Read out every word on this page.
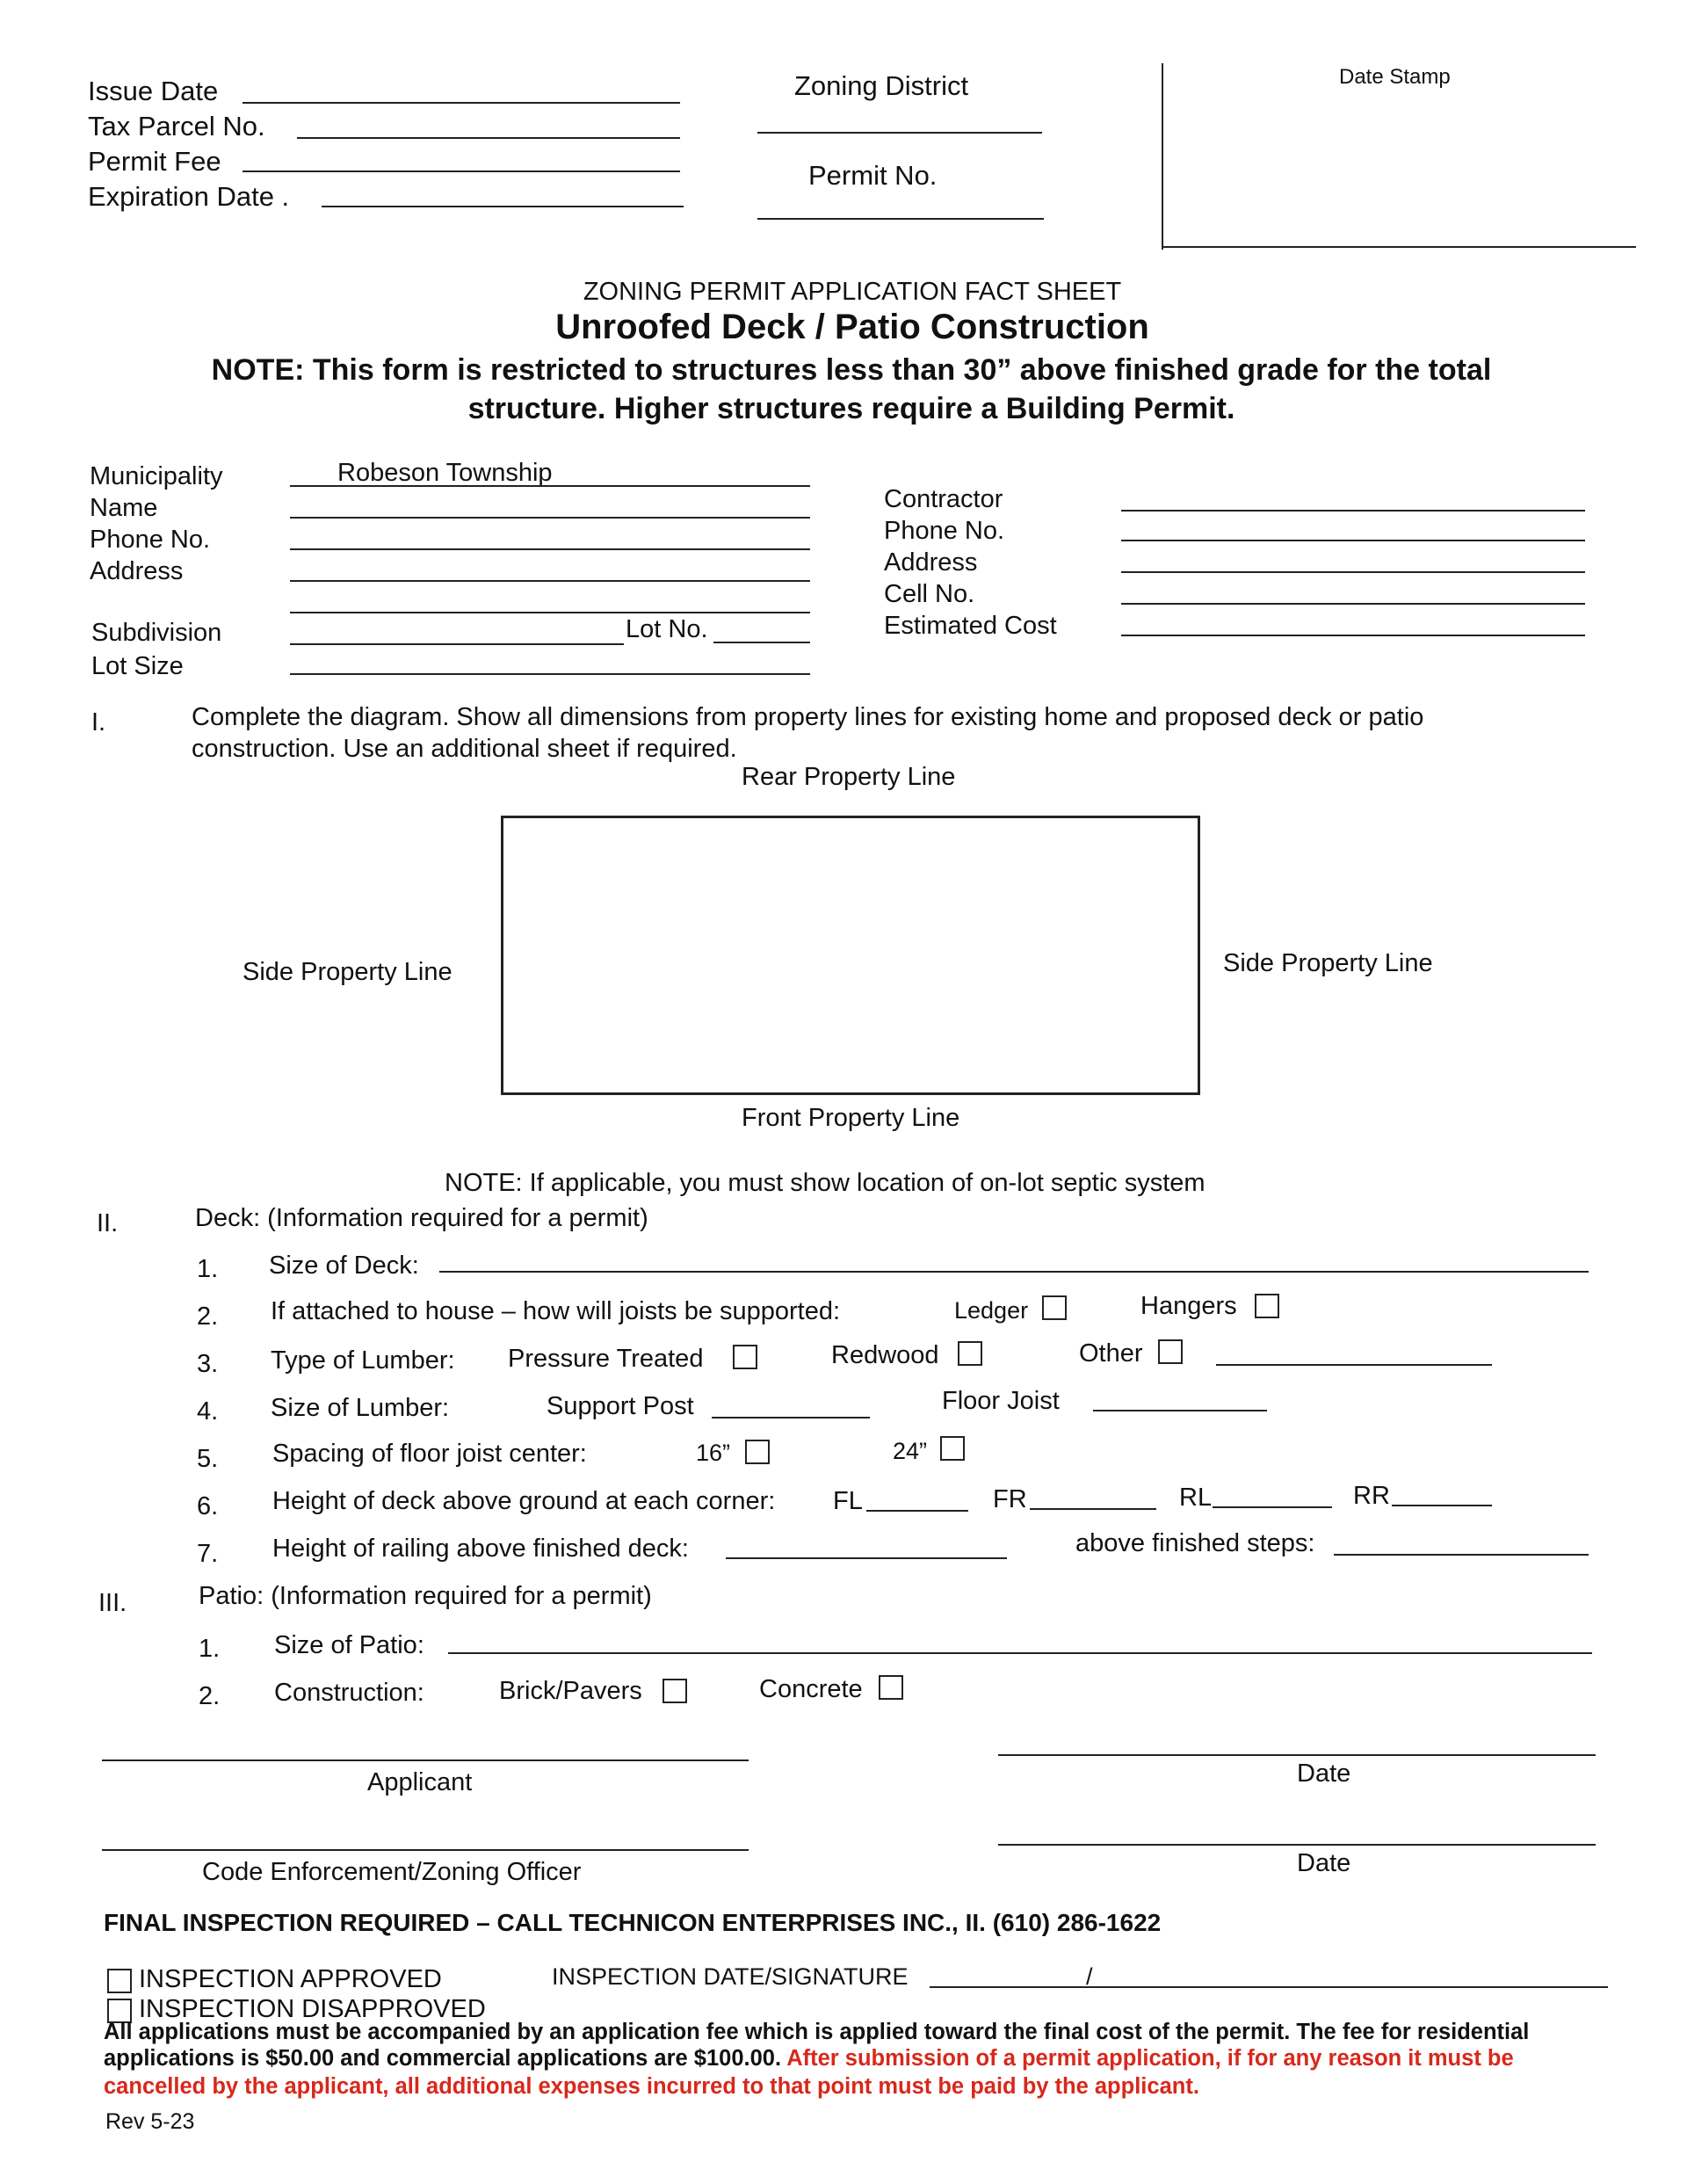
Issue Date
Tax Parcel No.
Permit Fee
Expiration Date .
Zoning District
Permit No.
Date Stamp
ZONING PERMIT APPLICATION FACT SHEET
Unroofed Deck / Patio Construction
NOTE: This form is restricted to structures less than 30” above finished grade for the total
structure. Higher structures require a Building Permit.
Municipality	Robeson Township
Name
Phone No.
Address
Subdivision	Lot No.
Lot Size
Contractor
Phone No.
Address
Cell No.
Estimated Cost
I.	Complete the diagram. Show all dimensions from property lines for existing home and proposed deck or patio
construction. Use an additional sheet if required.
Rear Property Line
Side Property Line	Side Property Line
Front Property Line
NOTE: If applicable, you must show location of on-lot septic system
II.	Deck: (Information required for a permit)
1. Size of Deck:
2. If attached to house – how will joists be supported:	Ledger	Hangers
3. Type of Lumber: Pressure Treated	Redwood	Other
4. Size of Lumber:	Support Post	Floor Joist
5. Spacing of floor joist center:	16”	24”
6. Height of deck above ground at each corner: FL	FR	RL	RR
7. Height of railing above finished deck:	above finished steps:
III.	Patio: (Information required for a permit)
1. Size of Patio:
2. Construction:	Brick/Pavers	Concrete
Applicant	Date
Code Enforcement/Zoning Officer	Date
FINAL INSPECTION REQUIRED – CALL TECHNICON ENTERPRISES INC., II. (610) 286-1622
INSPECTION APPROVED
INSPECTION DISAPPROVED
INSPECTION DATE/SIGNATURE	/
All applications must be accompanied by an application fee which is applied toward the final cost of the permit. The fee for residential
applications is $50.00 and commercial applications are $100.00. After submission of a permit application, if for any reason it must be
cancelled by the applicant, all additional expenses incurred to that point must be paid by the applicant.
Rev 5-23
